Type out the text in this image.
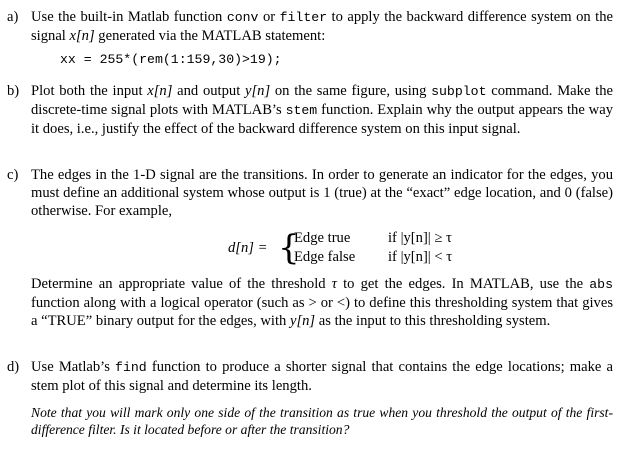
a) Use the built-in Matlab function conv or filter to apply the backward difference system on the signal x[n] generated via the MATLAB statement:
xx = 255*(rem(1:159,30)>19);
b) Plot both the input x[n] and output y[n] on the same figure, using subplot command. Make the discrete-time signal plots with MATLAB’s stem function. Explain why the output appears the way it does, i.e., justify the effect of the backward difference system on this input signal.
c) The edges in the 1-D signal are the transitions. In order to generate an indicator for the edges, you must define an additional system whose output is 1 (true) at the “exact” edge location, and 0 (false) otherwise. For example,
d[n] = {
Edge true	if |y[n]| ≥ τ
Edge false if |y[n]| < τ
Determine an appropriate value of the threshold τ to get the edges. In MATLAB, use the abs function along with a logical operator (such as > or <) to define this thresholding system that gives a “TRUE” binary output for the edges, with y[n] as the input to this thresholding system.
d) Use Matlab’s find function to produce a shorter signal that contains the edge locations; make a stem plot of this signal and determine its length.
Note that you will mark only one side of the transition as true when you threshold the output of the first-difference filter. Is it located before or after the transition?
